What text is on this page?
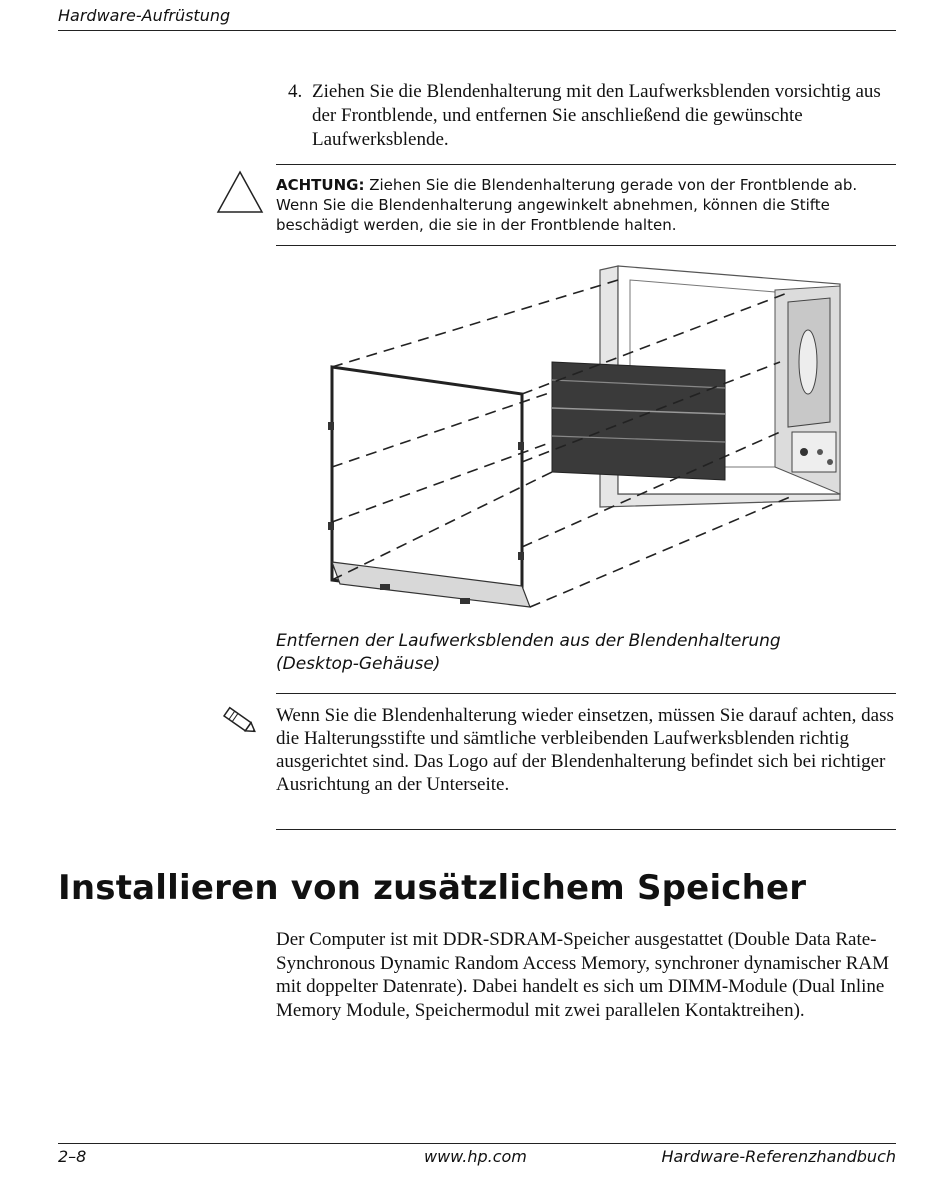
Hardware-Aufrüstung
4. Ziehen Sie die Blendenhalterung mit den Laufwerksblenden vorsichtig aus der Frontblende, und entfernen Sie anschließend die gewünschte Laufwerksblende.
ACHTUNG: Ziehen Sie die Blendenhalterung gerade von der Frontblende ab. Wenn Sie die Blendenhalterung angewinkelt abnehmen, können die Stifte beschädigt werden, die sie in der Frontblende halten.
Entfernen der Laufwerksblenden aus der Blendenhalterung
(Desktop-Gehäuse)
Wenn Sie die Blendenhalterung wieder einsetzen, müssen Sie darauf achten, dass die Halterungsstifte und sämtliche verbleibenden Laufwerksblenden richtig ausgerichtet sind. Das Logo auf der Blendenhalterung befindet sich bei richtiger Ausrichtung an der Unterseite.
Installieren von zusätzlichem Speicher
Der Computer ist mit DDR-SDRAM-Speicher ausgestattet (Double Data Rate-Synchronous Dynamic Random Access Memory, synchroner dynamischer RAM mit doppelter Datenrate). Dabei handelt es sich um DIMM-Module (Dual Inline Memory Module, Speichermodul mit zwei parallelen Kontaktreihen).
2–8	www.hp.com	Hardware-Referenzhandbuch
